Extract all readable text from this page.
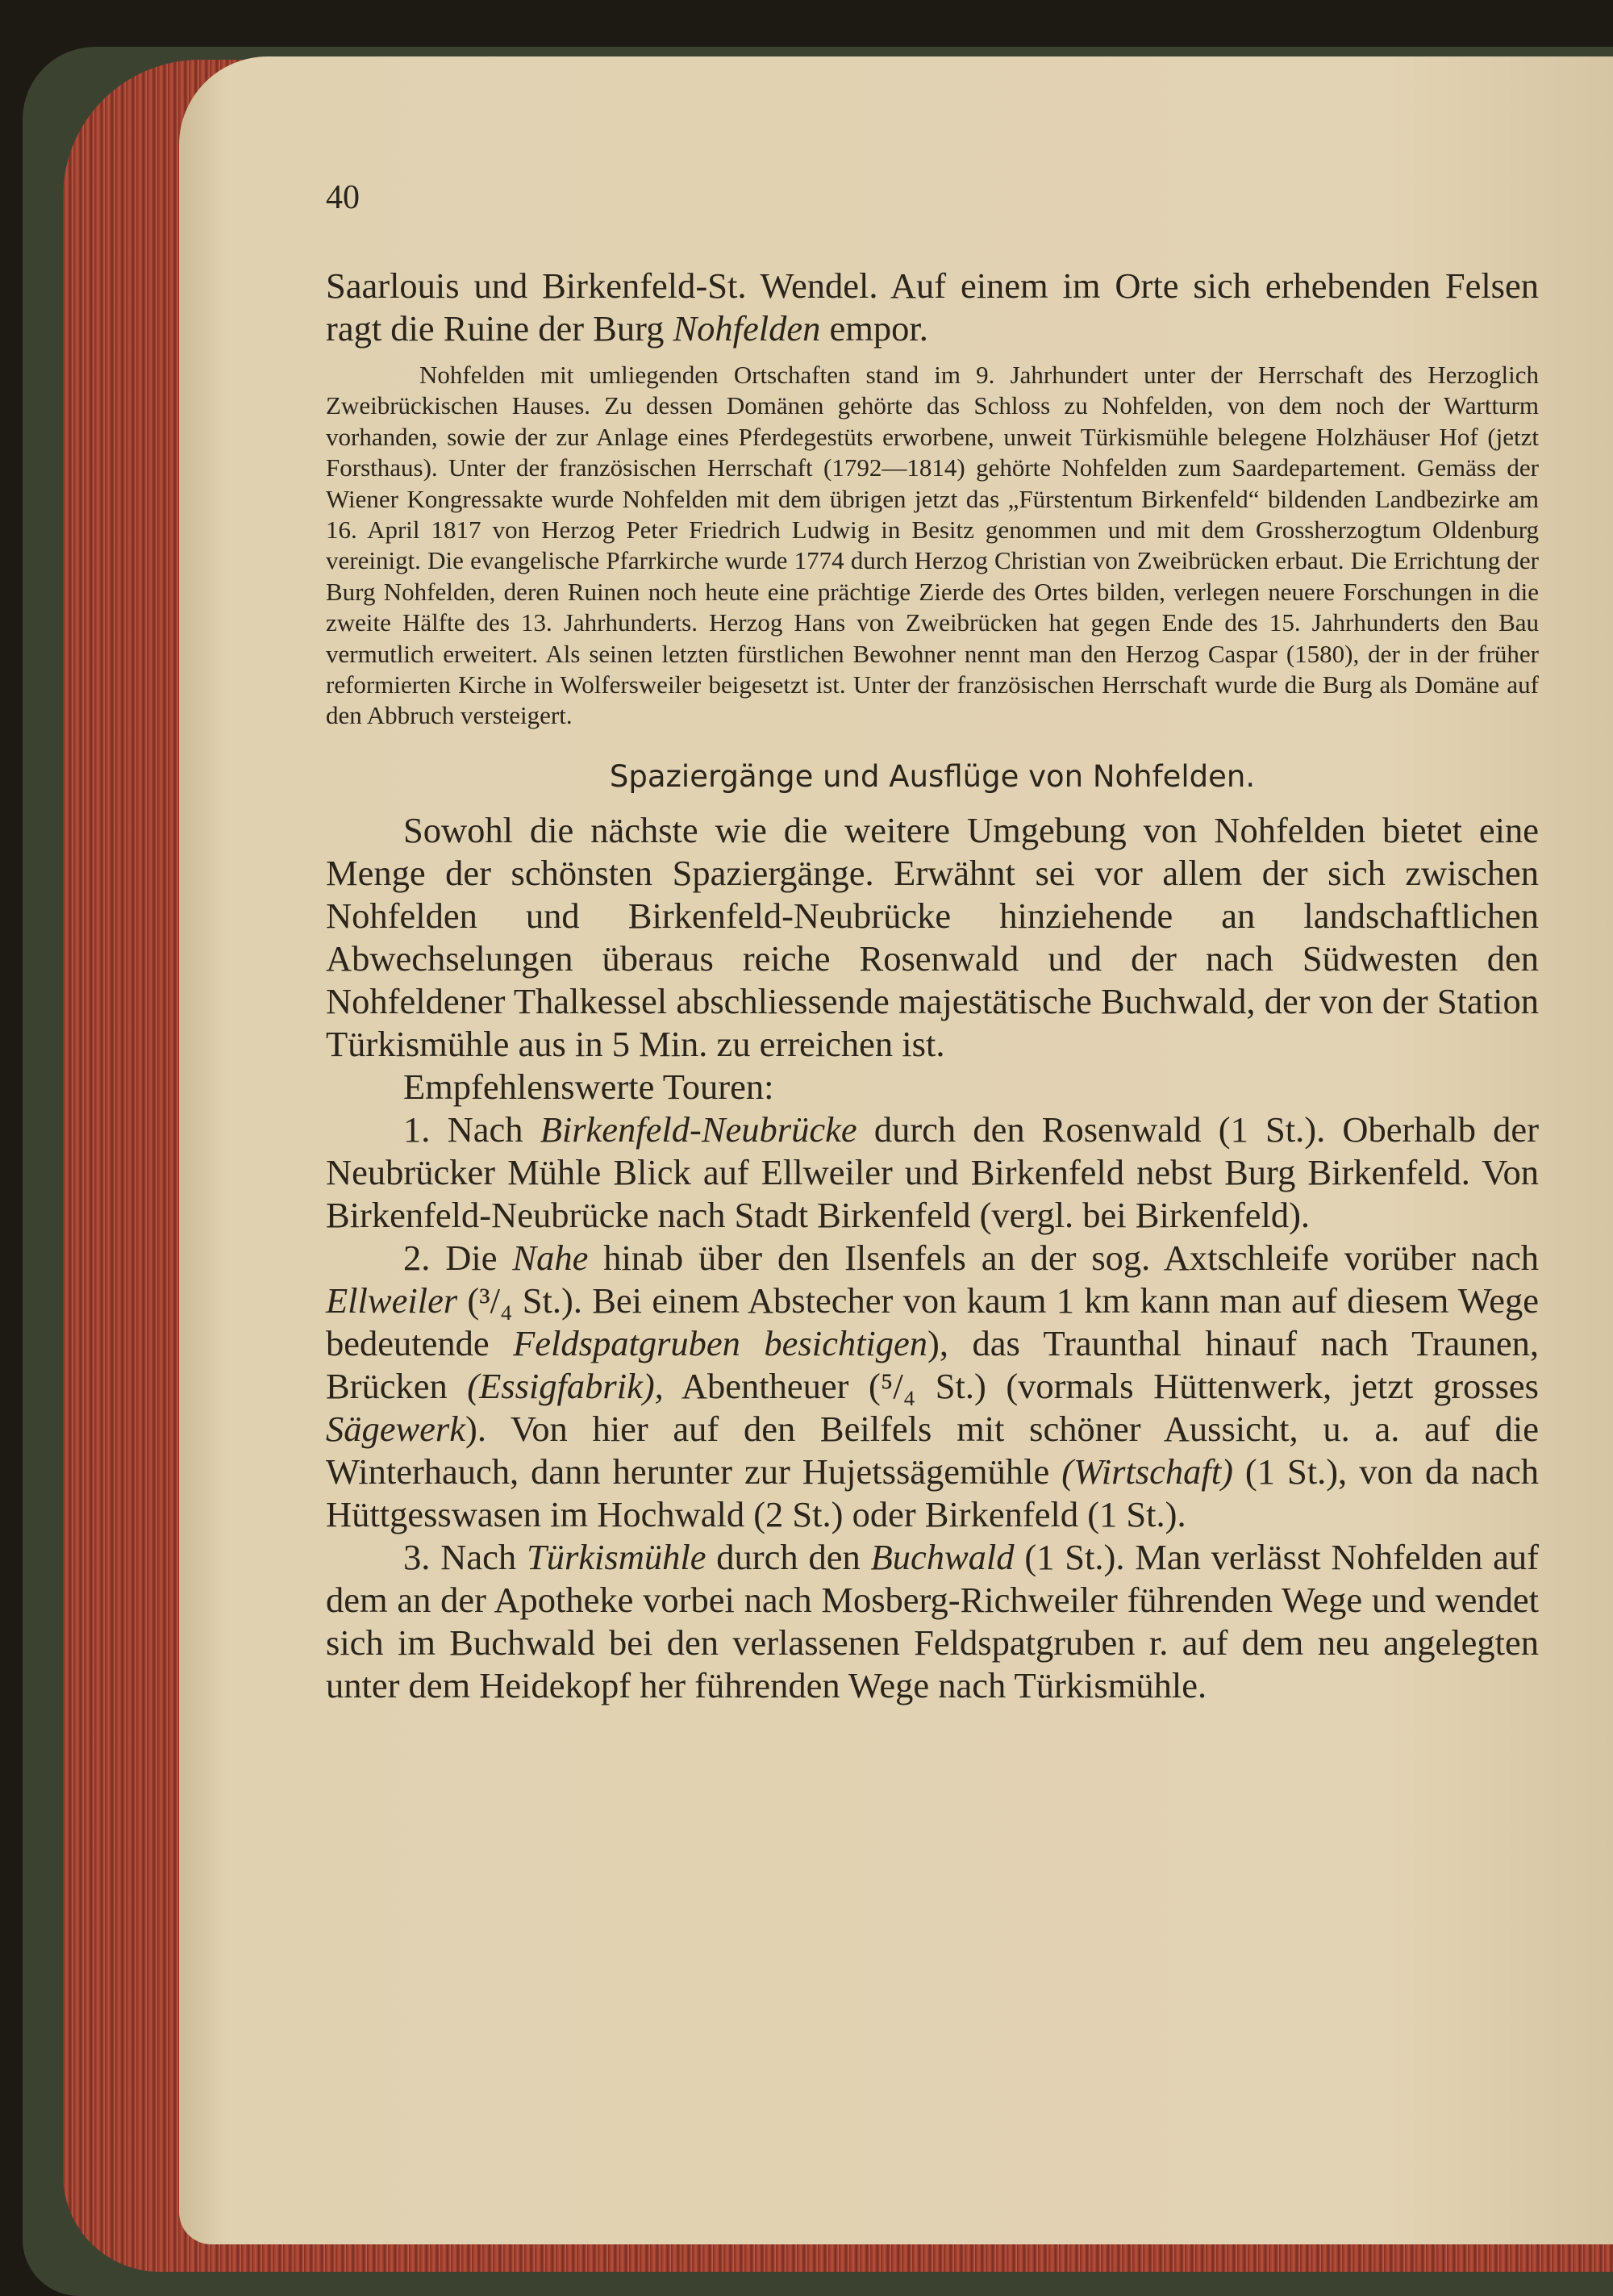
40

Saarlouis und Birkenfeld-St. Wendel. Auf einem im Orte sich erhebenden Felsen ragt die Ruine der Burg Nohfelden empor.

Nohfelden mit umliegenden Ortschaften stand im 9. Jahrhundert unter der Herrschaft des Herzoglich Zweibrückischen Hauses. Zu dessen Domänen gehörte das Schloss zu Nohfelden, von dem noch der Wartturm vorhanden, sowie der zur Anlage eines Pferdegestüts erworbene, unweit Türkismühle belegene Holzhäuser Hof (jetzt Forsthaus). Unter der französischen Herrschaft (1792—1814) gehörte Nohfelden zum Saardepartement. Gemäss der Wiener Kongressakte wurde Nohfelden mit dem übrigen jetzt das „Fürstentum Birkenfeld“ bildenden Landbezirke am 16. April 1817 von Herzog Peter Friedrich Ludwig in Besitz genommen und mit dem Grossherzogtum Oldenburg vereinigt. Die evangelische Pfarrkirche wurde 1774 durch Herzog Christian von Zweibrücken erbaut. Die Errichtung der Burg Nohfelden, deren Ruinen noch heute eine prächtige Zierde des Ortes bilden, verlegen neuere Forschungen in die zweite Hälfte des 13. Jahrhunderts. Herzog Hans von Zweibrücken hat gegen Ende des 15. Jahrhunderts den Bau vermutlich erweitert. Als seinen letzten fürstlichen Bewohner nennt man den Herzog Caspar (1580), der in der früher reformierten Kirche in Wolfersweiler beigesetzt ist. Unter der französischen Herrschaft wurde die Burg als Domäne auf den Abbruch versteigert.

Spaziergänge und Ausflüge von Nohfelden.

Sowohl die nächste wie die weitere Umgebung von Nohfelden bietet eine Menge der schönsten Spaziergänge. Erwähnt sei vor allem der sich zwischen Nohfelden und Birkenfeld-Neubrücke hinziehende an landschaftlichen Abwechselungen überaus reiche Rosenwald und der nach Südwesten den Nohfeldener Thalkessel abschliessende majestätische Buchwald, der von der Station Türkismühle aus in 5 Min. zu erreichen ist.

Empfehlenswerte Touren:

1. Nach Birkenfeld-Neubrücke durch den Rosenwald (1 St.). Oberhalb der Neubrücker Mühle Blick auf Ellweiler und Birkenfeld nebst Burg Birkenfeld. Von Birkenfeld-Neubrücke nach Stadt Birkenfeld (vergl. bei Birkenfeld).

2. Die Nahe hinab über den Ilsenfels an der sog. Axtschleife vorüber nach Ellweiler (³/₄ St.). Bei einem Abstecher von kaum 1 km kann man auf diesem Wege bedeutende Feldspatgruben besichtigen), das Traunthal hinauf nach Traunen, Brücken (Essigfabrik), Abentheuer (⁵/₄ St.) (vormals Hüttenwerk, jetzt grosses Sägewerk). Von hier auf den Beilfels mit schöner Aussicht, u. a. auf die Winterhauch, dann herunter zur Hujetssägemühle (Wirtschaft) (1 St.), von da nach Hüttgesswasen im Hochwald (2 St.) oder Birkenfeld (1 St.).

3. Nach Türkismühle durch den Buchwald (1 St.). Man verlässt Nohfelden auf dem an der Apotheke vorbei nach Mosberg-Richweiler führenden Wege und wendet sich im Buchwald bei den verlassenen Feldspatgruben r. auf dem neu angelegten unter dem Heidekopf her führenden Wege nach Türkismühle.
